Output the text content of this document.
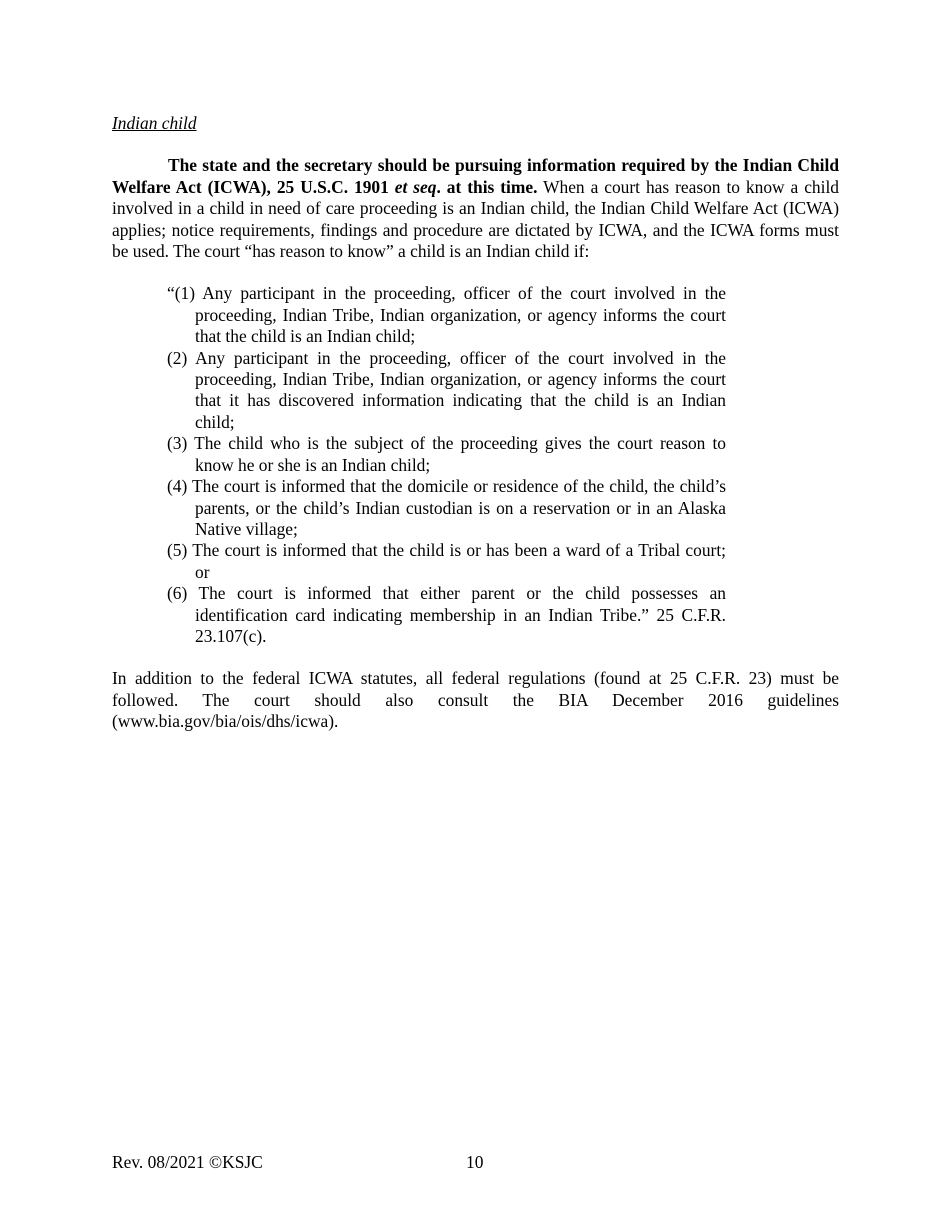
Indian child

The state and the secretary should be pursuing information required by the Indian Child Welfare Act (ICWA), 25 U.S.C. 1901 et seq. at this time. When a court has reason to know a child involved in a child in need of care proceeding is an Indian child, the Indian Child Welfare Act (ICWA) applies; notice requirements, findings and procedure are dictated by ICWA, and the ICWA forms must be used. The court “has reason to know” a child is an Indian child if:

“(1) Any participant in the proceeding, officer of the court involved in the proceeding, Indian Tribe, Indian organization, or agency informs the court that the child is an Indian child;
(2) Any participant in the proceeding, officer of the court involved in the proceeding, Indian Tribe, Indian organization, or agency informs the court that it has discovered information indicating that the child is an Indian child;
(3) The child who is the subject of the proceeding gives the court reason to know he or she is an Indian child;
(4) The court is informed that the domicile or residence of the child, the child’s parents, or the child’s Indian custodian is on a reservation or in an Alaska Native village;
(5) The court is informed that the child is or has been a ward of a Tribal court; or
(6) The court is informed that either parent or the child possesses an identification card indicating membership in an Indian Tribe.” 25 C.F.R. 23.107(c).

In addition to the federal ICWA statutes, all federal regulations (found at 25 C.F.R. 23) must be followed. The court should also consult the BIA December 2016 guidelines (www.bia.gov/bia/ois/dhs/icwa).

Rev. 08/2021 ©KSJC	10
